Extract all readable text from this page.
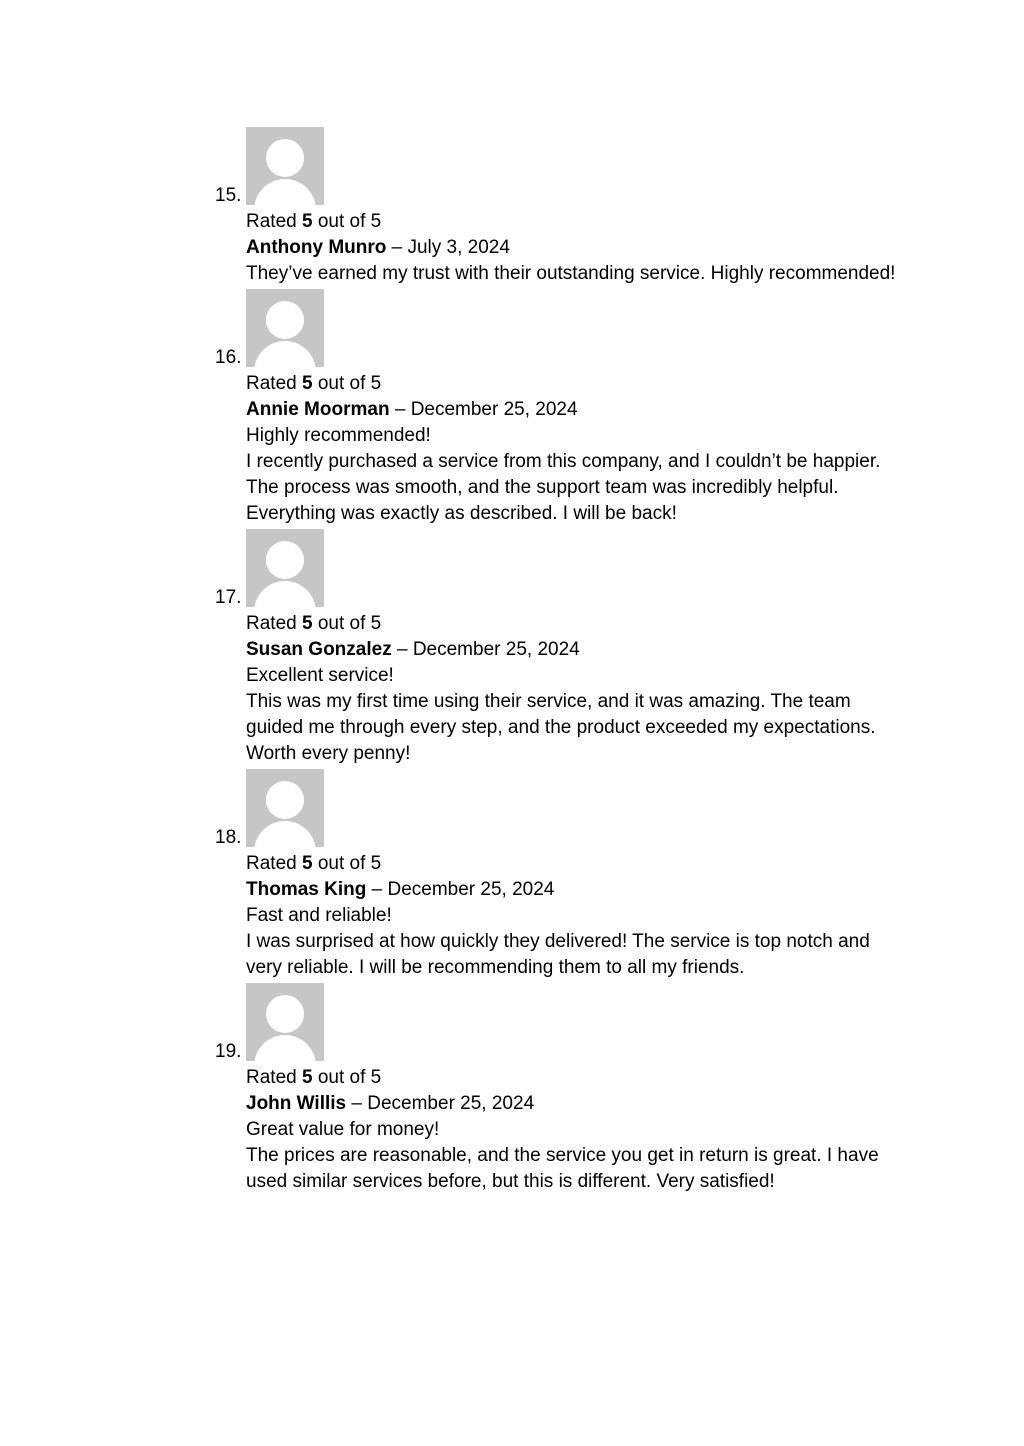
15.

Rated 5 out of 5

Anthony Munro – July 3, 2024

They’ve earned my trust with their outstanding service. Highly recommended!

16.

Rated 5 out of 5

Annie Moorman – December 25, 2024

Highly recommended!

I recently purchased a service from this company, and I couldn’t be happier. The process was smooth, and the support team was incredibly helpful. Everything was exactly as described. I will be back!

17.

Rated 5 out of 5

Susan Gonzalez – December 25, 2024

Excellent service!

This was my first time using their service, and it was amazing. The team guided me through every step, and the product exceeded my expectations. Worth every penny!

18.

Rated 5 out of 5

Thomas King – December 25, 2024

Fast and reliable!

I was surprised at how quickly they delivered! The service is top notch and very reliable. I will be recommending them to all my friends.

19.

Rated 5 out of 5

John Willis – December 25, 2024

Great value for money!

The prices are reasonable, and the service you get in return is great. I have used similar services before, but this is different. Very satisfied!
